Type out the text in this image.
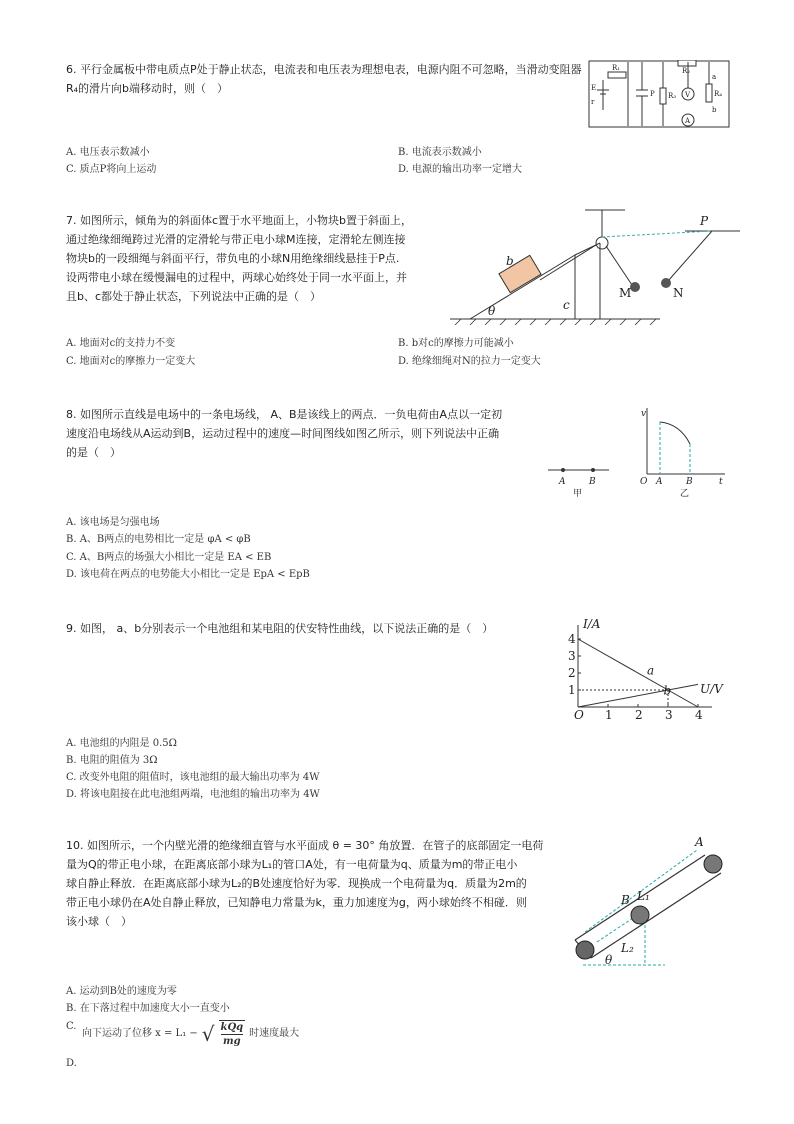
6. 平行金属板中带电质点P处于静止状态，电流表和电压表为理想电表，电源内阻不可忽略，当滑动变阻器R₄的滑片向b端移动时，则（　）
R₁	R₂
R₃	R₄
E
r
P
a
b
V
A
A. 电压表示数减小	B. 电流表示数减小
C. 质点P将向上运动	D. 电源的输出功率一定增大
7. 如图所示，倾角为的斜面体c置于水平地面上，小物块b置于斜面上，
通过绝缘细绳跨过光滑的定滑轮与带正电小球M连接，定滑轮左侧连接
物块b的一段细绳与斜面平行，带负电的小球N用绝缘细线悬挂于P点.
设两带电小球在缓慢漏电的过程中，两球心始终处于同一水平面上，并
且b、c都处于静止状态，下列说法中正确的是（　）
b
c
θ
M	N
P
A. 地面对c的支持力不变	B. b对c的摩擦力可能减小
C. 地面对c的摩擦力一定变大	D. 绝缘细绳对N的拉力一定变大
8. 如图所示直线是电场中的一条电场线， A、B是该线上的两点．一负电荷由A点以一定初
速度沿电场线从A运动到B，运动过程中的速度—时间图线如图乙所示，则下列说法中正确
的是（　）
A	B
甲
v
t
O A	B
乙
A. 该电场是匀强电场
B. A、B两点的电势相比一定是 φA < φB
C. A、B两点的场强大小相比一定是 EA < EB
D. 该电荷在两点的电势能大小相比一定是 EpA < EpB
9. 如图， a、b分别表示一个电池组和某电阻的伏安特性曲线，以下说法正确的是（　）
1 2 3 4
1
2
3
4
I/A
U/V
O
a
b
A. 电池组的内阻是 0.5Ω
B. 电阻的阻值为 3Ω
C. 改变外电阻的阻值时，该电池组的最大输出功率为 4W
D. 将该电阻接在此电池组两端，电池组的输出功率为 4W
10. 如图所示，一个内壁光滑的绝缘细直管与水平面成 θ = 30° 角放置．在管子的底部固定一电荷
量为Q的带正电小球，在距离底部小球为L₁的管口A处，有一电荷量为q、质量为m的带正电小
球自静止释放．在距离底部小球为L₂的B处速度恰好为零．现换成一个电荷量为q．质量为2m的
带正电小球仍在A处自静止释放，已知静电力常量为k，重力加速度为g，两小球始终不相碰．则
该小球（　）
A
B L₁
L₂
θ
A. 运动到B处的速度为零
B. 在下落过程中加速度大小一直变小
C.
向下运动了位移 x = L₁ − √ kQq
mg
时速度最大
D.
